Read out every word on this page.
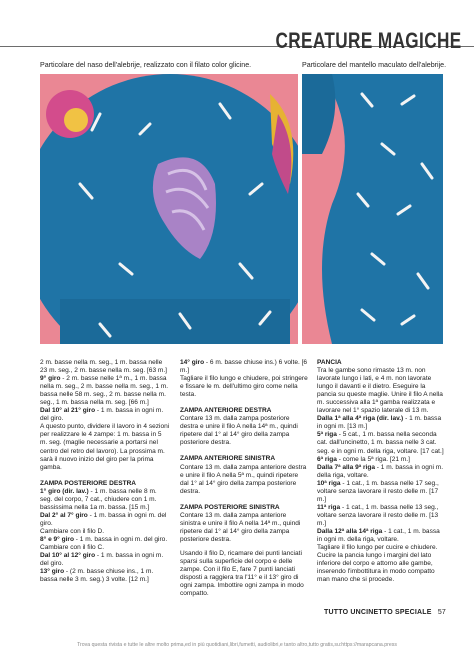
CREATURE MAGICHE
Particolare del naso dell'alebrije, realizzato con il filato color glicine.	Particolare del mantello maculato dell'alebrije.

2 m. basse nella m. seg., 1 m. bassa nelle 23 m. seg., 2 m. basse nella m. seg. [63 m.]

9° giro - 2 m. basse nelle 1ª m., 1 m. bassa nella m. seg., 2 m. basse nella m. seg., 1 m. bassa nelle 58 m. seg., 2 m. basse nella m. seg., 1 m. bassa nella m. seg. [66 m.]

Dal 10° al 21° giro - 1 m. bassa in ogni m. del giro.

A questo punto, dividere il lavoro in 4 sezioni per realizzare le 4 zampe: 1 m. bassa in 5 m. seg. (maglie necessarie a portarsi nel centro del retro del lavoro). La prossima m. sarà il nuovo inizio del giro per la prima gamba.

ZAMPA POSTERIORE DESTRA

1° giro (dir. lav.) - 1 m. bassa nelle 8 m. seg. del corpo, 7 cat., chiudere con 1 m. bassissima nella 1a m. bassa. [15 m.]

Dal 2° al 7° giro - 1 m. bassa in ogni m. del giro.

Cambiare con il filo D.

8° e 9° giro - 1 m. bassa in ogni m. del giro. Cambiare con il filo C.

Dal 10° al 12° giro - 1 m. bassa in ogni m. del giro.

13° giro - (2 m. basse chiuse ins., 1 m. bassa nelle 3 m. seg.) 3 volte. [12 m.]

14° giro - 6 m. basse chiuse ins.) 6 volte. [6 m.]

Tagliare il filo lungo e chiudere, poi stringere e fissare le m. dell'ultimo giro come nella testa.

ZAMPA ANTERIORE DESTRA

Contare 13 m. dalla zampa posteriore destra e unire il filo A nella 14ª m., quindi ripetere dal 1° al 14° giro della zampa posteriore destra.

ZAMPA ANTERIORE SINISTRA

Contare 13 m. dalla zampa anteriore destra e unire il filo A nella 5ª m., quindi ripetere dal 1° al 14° giro della zampa posteriore destra.

ZAMPA POSTERIORE SINISTRA

Contare 13 m. dalla zampa anteriore sinistra e unire il filo A nella 14ª m., quindi ripetere dal 1° al 14° giro della zampa posteriore destra.

Usando il filo D, ricamare dei punti lanciati sparsi sulla superficie del corpo e delle zampe. Con il filo E, fare 7 punti lanciati disposti a raggiera tra l'11° e il 13° giro di ogni zampa. Imbottire ogni zampa in modo compatto.

PANCIA

Tra le gambe sono rimaste 13 m. non lavorate lungo i lati, e 4 m. non lavorate lungo il davanti e il dietro. Eseguire la pancia su queste maglie. Unire il filo A nella m. successiva alla 1ª gamba realizzata e lavorare nel 1° spazio laterale di 13 m.

Dalla 1ª alla 4ª riga (dir. lav.) - 1 m. bassa in ogni m. [13 m.]

5ª riga - 5 cat., 1 m. bassa nella seconda cat. dall'uncinetto, 1 m. bassa nelle 3 cat. seg. e in ogni m. della riga, voltare. [17 cat.]

6ª riga - come la 5ª riga. [21 m.]

Dalla 7ª alla 9ª riga - 1 m. bassa in ogni m. della riga, voltare.

10ª riga - 1 cat., 1 m. bassa nelle 17 seg., voltare senza lavorare il resto delle m. [17 m.]

11ª riga - 1 cat., 1 m. bassa nelle 13 seg., voltare senza lavorare il resto delle m. [13 m.]

Dalla 12ª alla 14ª riga - 1 cat., 1 m. bassa in ogni m. della riga, voltare.

Tagliare il filo lungo per cucire e chiudere. Cucire la pancia lungo i margini del lato inferiore del corpo e attorno alle gambe, inserendo l'imbottitura in modo compatto man mano che si procede.

TUTTO UNCINETTO SPECIALE 57
Trova questa rivista e tutte le altre molto prima,ed in più quotidiani,libri,fumetti, audiolibri,e tanto altro,tutto gratis,su:https://marapcana.press
